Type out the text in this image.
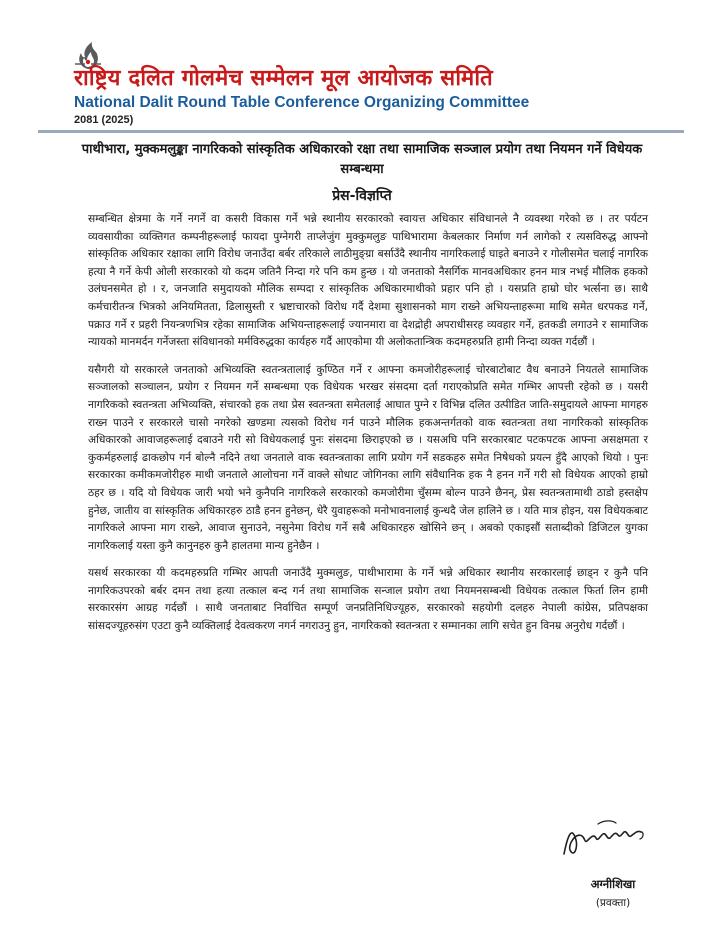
राष्ट्रिय दलित गोलमेच सम्मेलन मूल आयोजक समिति
National Dalit Round Table Conference Organizing Committee
2081 (2025)
पाथीभारा, मुक्कमलुङ्का नागरिकको सांस्कृतिक अधिकारको रक्षा तथा सामाजिक सञ्जाल प्रयोग तथा नियमन गर्ने विधेयक सम्बन्धमा
प्रेस-विज्ञप्ति

सम्बन्धित क्षेत्रमा के गर्ने नगर्ने वा कसरी विकास गर्ने भन्ने स्थानीय सरकारको स्वायत्त अधिकार संविधानले नै व्यवस्था गरेको छ । तर पर्यटन व्यवसायीका व्यक्तिगत कम्पनीहरूलाई फायदा पुग्नेगरी ताप्लेजुंग मुक्कुमलुङ पाथिभारामा केबलकार निर्माण गर्न लागेको र त्यसविरुद्ध आफ्नो सांस्कृतिक अधिकार रक्षाका लागि विरोध जनाउँदा बर्बर तरिकाले लाठीमुङ्ग्रा बर्साउँदै स्थानीय नागरिकलाई घाइते बनाउने र गोलीसमेत चलाई नागरिक हत्या नै गर्ने केपी ओली सरकारको यो कदम जतिनै निन्दा गरे पनि कम हुन्छ । यो जनताको नैसर्गिक मानवअधिकार हनन मात्र नभई मौलिक हकको उलंघनसमेत हो । र, जनजाति समुदायको मौलिक सम्पदा र सांस्कृतिक अधिकारमाथीको प्रहार पनि हो । यसप्रति हाम्रो घोर भर्त्सना छ। साथै कर्मचारीतन्त्र भित्रको अनियमितता, ढिलासुस्ती र भ्रष्टाचारको विरोध गर्दै देशमा सुशासनको माग राख्ने अभियन्ताहरूमा माथि समेत धरपकड गर्ने, पक्राउ गर्ने र प्रहरी नियन्त्रणभित्र रहेका सामाजिक अभियन्ताहरूलाई ज्यानमारा वा देशद्रोही अपराधीसरह व्यवहार गर्ने, हतकडी लगाउने र सामाजिक न्यायको मानमर्दन गर्नेजस्ता संविधानको मर्मविरुद्धका कार्यहरु गर्दै आएकोमा यी अलोकतान्त्रिक कदमहरुप्रति हामी निन्दा व्यक्त गर्दछौं ।

यसैगरी यो सरकारले जनताको अभिव्यक्ति स्वतन्त्रतालाई कुण्ठित गर्ने र आफ्ना कमजोरीहरूलाई चोरबाटोबाट वैध बनाउने नियतले सामाजिक सञ्जालको सञ्चालन, प्रयोग र नियमन गर्ने सम्बन्धमा एक विधेयक भरखर संसदमा दर्ता गराएकोप्रति समेत गम्भिर आपत्ती रहेको छ । यसरी नागरिकको स्वतन्त्रता अभिव्यक्ति, संचारको हक तथा प्रेस स्वतन्त्रता समेतलाई आघात पुग्ने र विभिन्न दलित उत्पीडित जाति-समुदायले आफ्ना मागहरु राख्न पाउने र सरकारले चासो नगरेको खण्डमा त्यसको विरोध गर्न पाउने मौलिक हकअन्तर्गतको वाक स्वतन्त्रता तथा नागरिकको सांस्कृतिक अधिकारको आवाजहरूलाई दबाउने गरी सो विधेयकलाई पुनः संसदमा छिराइएको छ । यसअघि पनि सरकारबाट पटकपटक आफ्ना असक्षमता र कुकर्महरुलाई ढाकछोप गर्न बोल्नै नदिने तथा जनताले वाक स्वतन्त्रताका लागि प्रयोग गर्ने सडकहरु समेत निषेधको प्रयत्न हुँदै आएको थियो । पुनः सरकारका कमीकमजोरीहरु माथी जनताले आलोचना गर्ने वाक्ले सोधाट जोगिनका लागि संवैधानिक हक नै हनन गर्ने गरी सो विधेयक आएको हाम्रो ठहर छ । यदि यो विधेयक जारी भयो भने कुनैपनि नागरिकले सरकारको कमजोरीमा चुँसम्म बोल्न पाउने छैनन्, प्रेस स्वतन्त्रतामाथी ठाडो हस्तक्षेप हुनेछ, जातीय वा सांस्कृतिक अधिकारहरु ठाडै हनन हुनेछन्, धेरै युवाहरूको मनोभावनालाई कुन्धदै जेल हालिने छ । यति मात्र होइन, यस विधेयकबाट नागरिकले आफ्ना माग राख्ने, आवाज सुनाउने, नसुनेमा विरोध गर्ने सबै अधिकारहरु खोसिने छन् । अबको एकाइसौं सताब्दीको डिजिटल युगका नागरिकलाई यस्ता कुनै कानुनहरु कुनै हालतमा मान्य हुनेछैन ।

यसर्थ सरकारका यी कदमहरुप्रति गम्भिर आपती जनाउँदै मुक्मलुङ, पाथीभारामा के गर्ने भन्ने अधिकार स्थानीय सरकारलाई छाड्न र कुनै पनि नागरिकउपरको बर्बर दमन तथा हत्या तत्काल बन्द गर्न तथा सामाजिक सन्जाल प्रयोग तथा नियमनसम्बन्धी विधेयक तत्काल फिर्ता लिन हामी सरकारसंग आग्रह गर्दछौं । साथै जनताबाट निर्वाचित सम्पूर्ण जनप्रतिनिधिज्यूहरु, सरकारको सहयोगी दलहरु नेपाली कांग्रेस, प्रतिपक्षका सांसदज्यूहरुसंग एउटा कुनै व्यक्तिलाई देवत्वकरण नगर्न नगराउनु हुन, नागरिकको स्वतन्त्रता र सम्मानका लागि सचेत हुन विनम्र अनुरोध गर्दछौं ।

अग्नीशिखा
(प्रवक्ता)
